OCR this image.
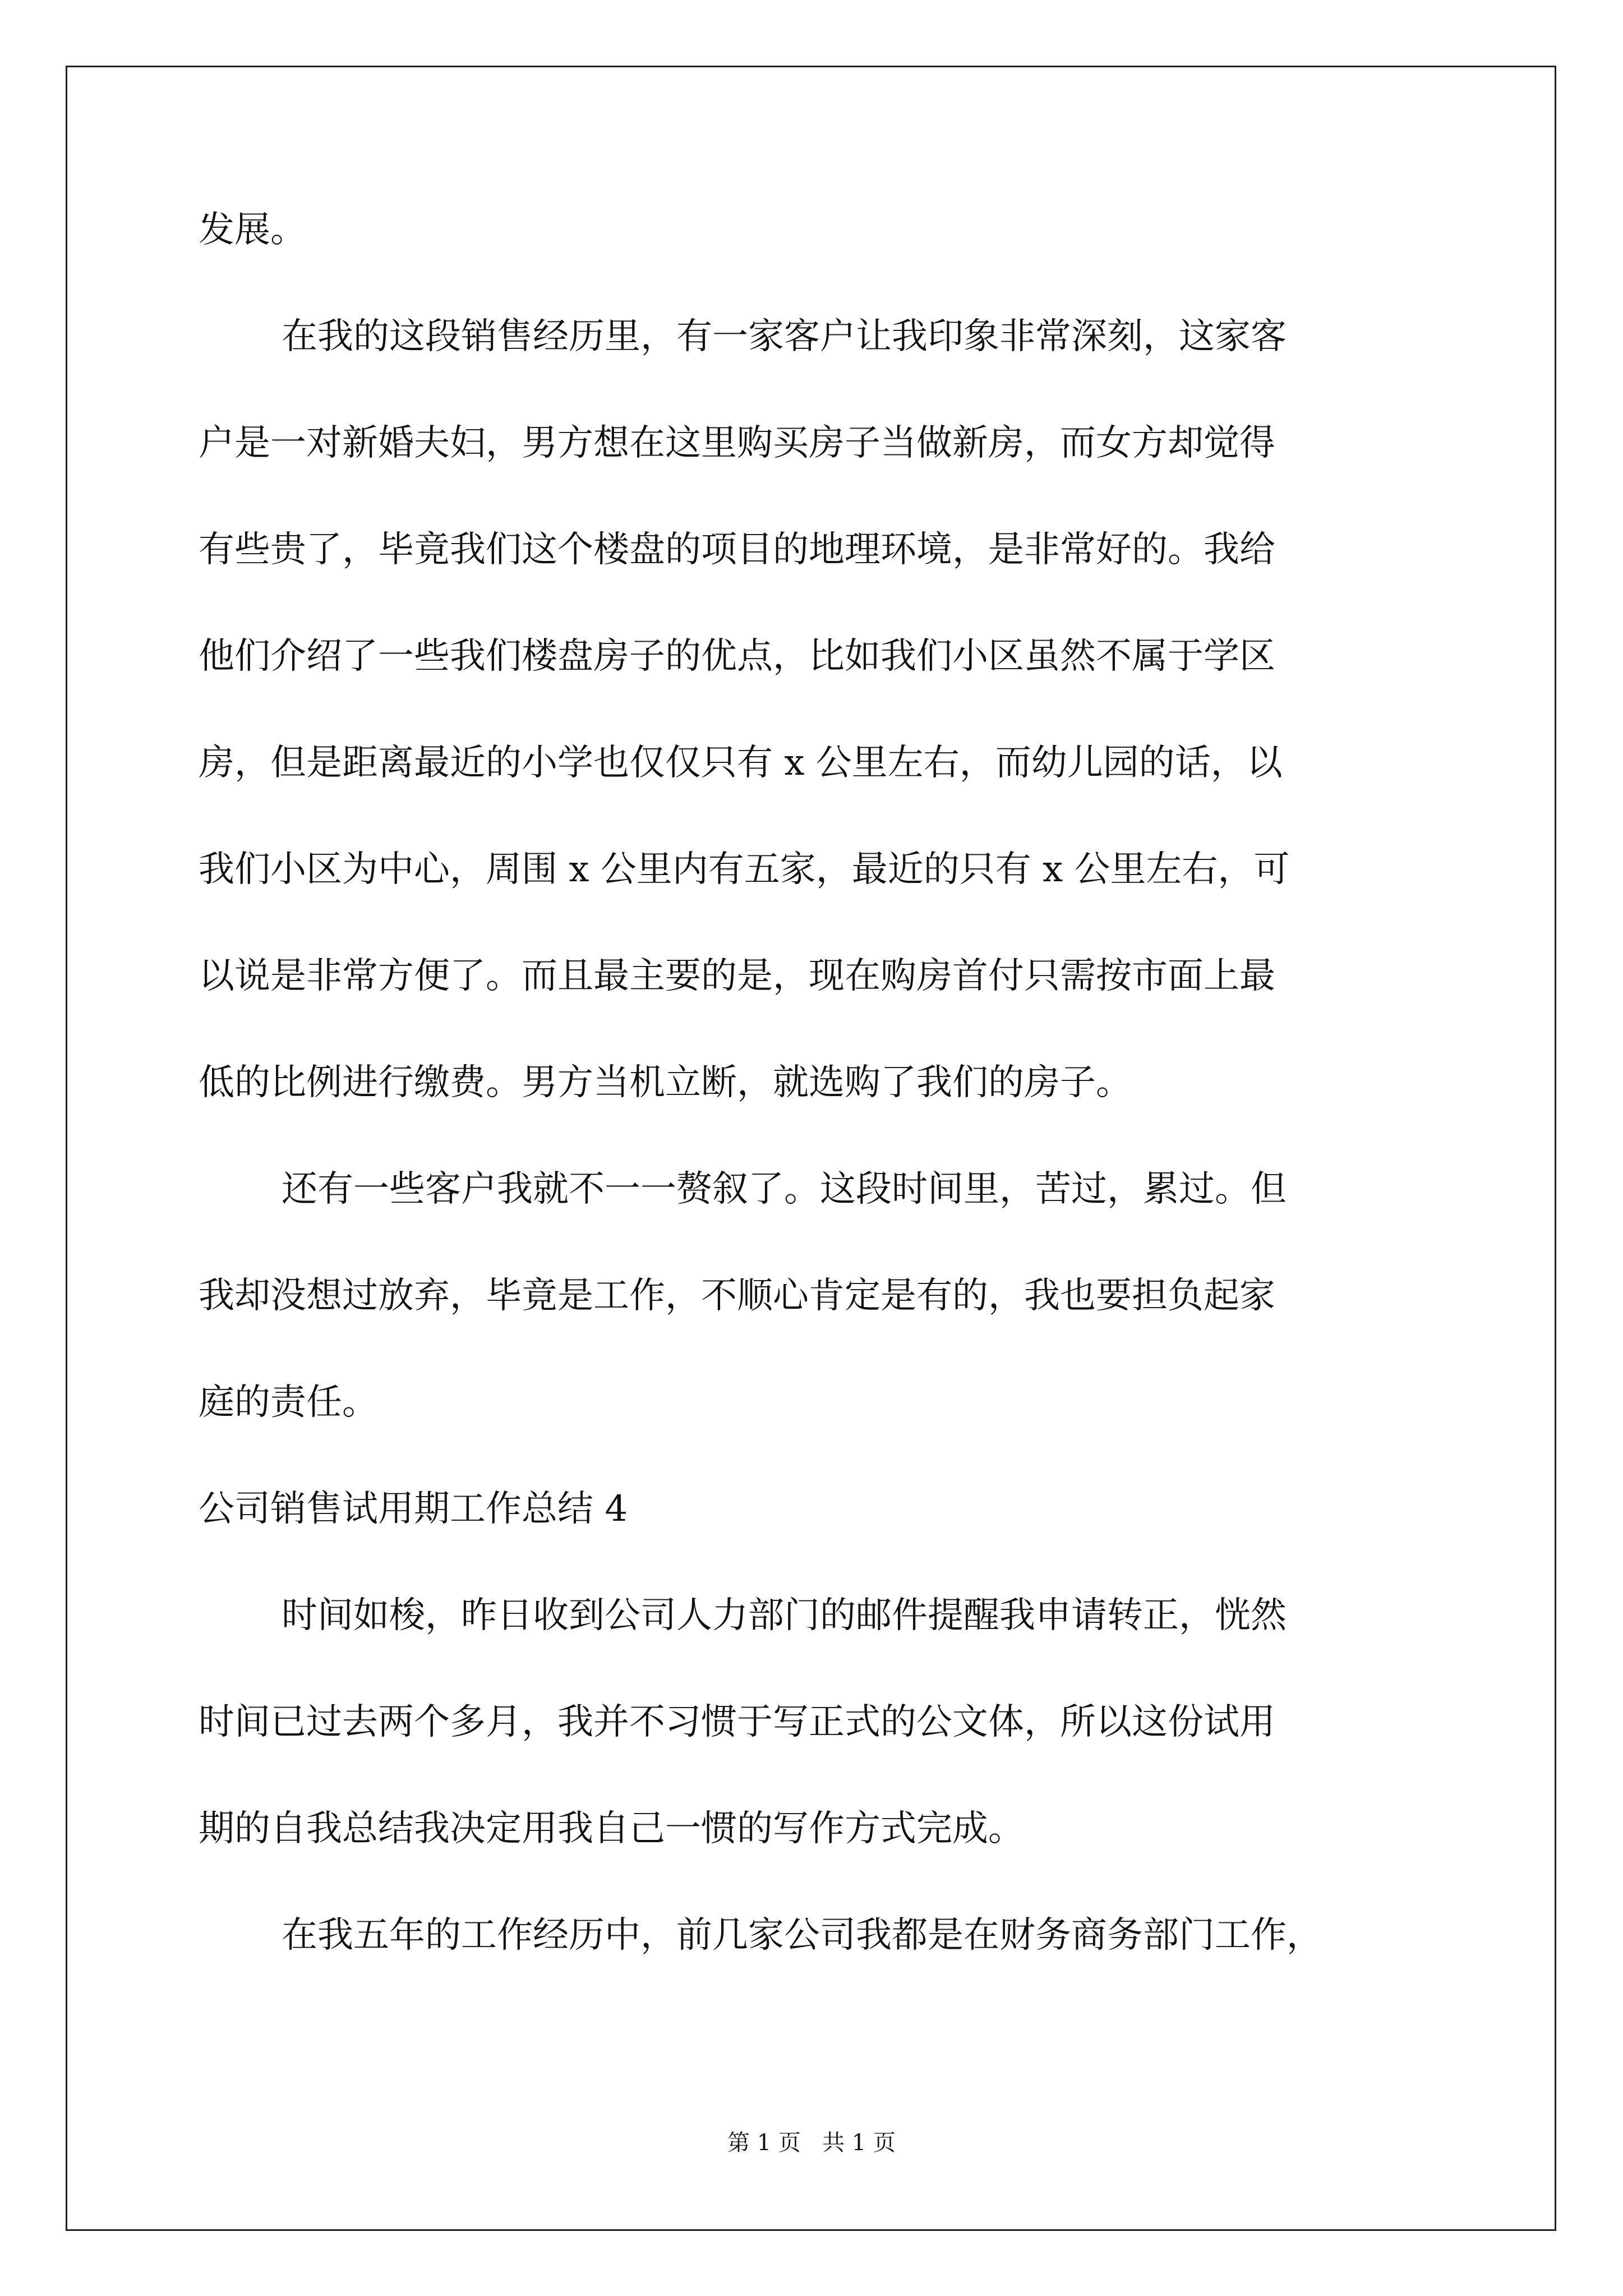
发展。
在我的这段销售经历里，有一家客户让我印象非常深刻，这家客
户是一对新婚夫妇，男方想在这里购买房子当做新房，而女方却觉得
有些贵了，毕竟我们这个楼盘的项目的地理环境，是非常好的。我给
他们介绍了一些我们楼盘房子的优点，比如我们小区虽然不属于学区
房，但是距离最近的小学也仅仅只有 x 公里左右，而幼儿园的话，以
我们小区为中心，周围 x 公里内有五家，最近的只有 x 公里左右，可
以说是非常方便了。而且最主要的是，现在购房首付只需按市面上最
低的比例进行缴费。男方当机立断，就选购了我们的房子。
还有一些客户我就不一一赘叙了。这段时间里，苦过，累过。但
我却没想过放弃，毕竟是工作，不顺心肯定是有的，我也要担负起家
庭的责任。
公司销售试用期工作总结 4
时间如梭，昨日收到公司人力部门的邮件提醒我申请转正，恍然
时间已过去两个多月，我并不习惯于写正式的公文体，所以这份试用
期的自我总结我决定用我自己一惯的写作方式完成。
在我五年的工作经历中，前几家公司我都是在财务商务部门工作，
第 1 页   共 1 页
